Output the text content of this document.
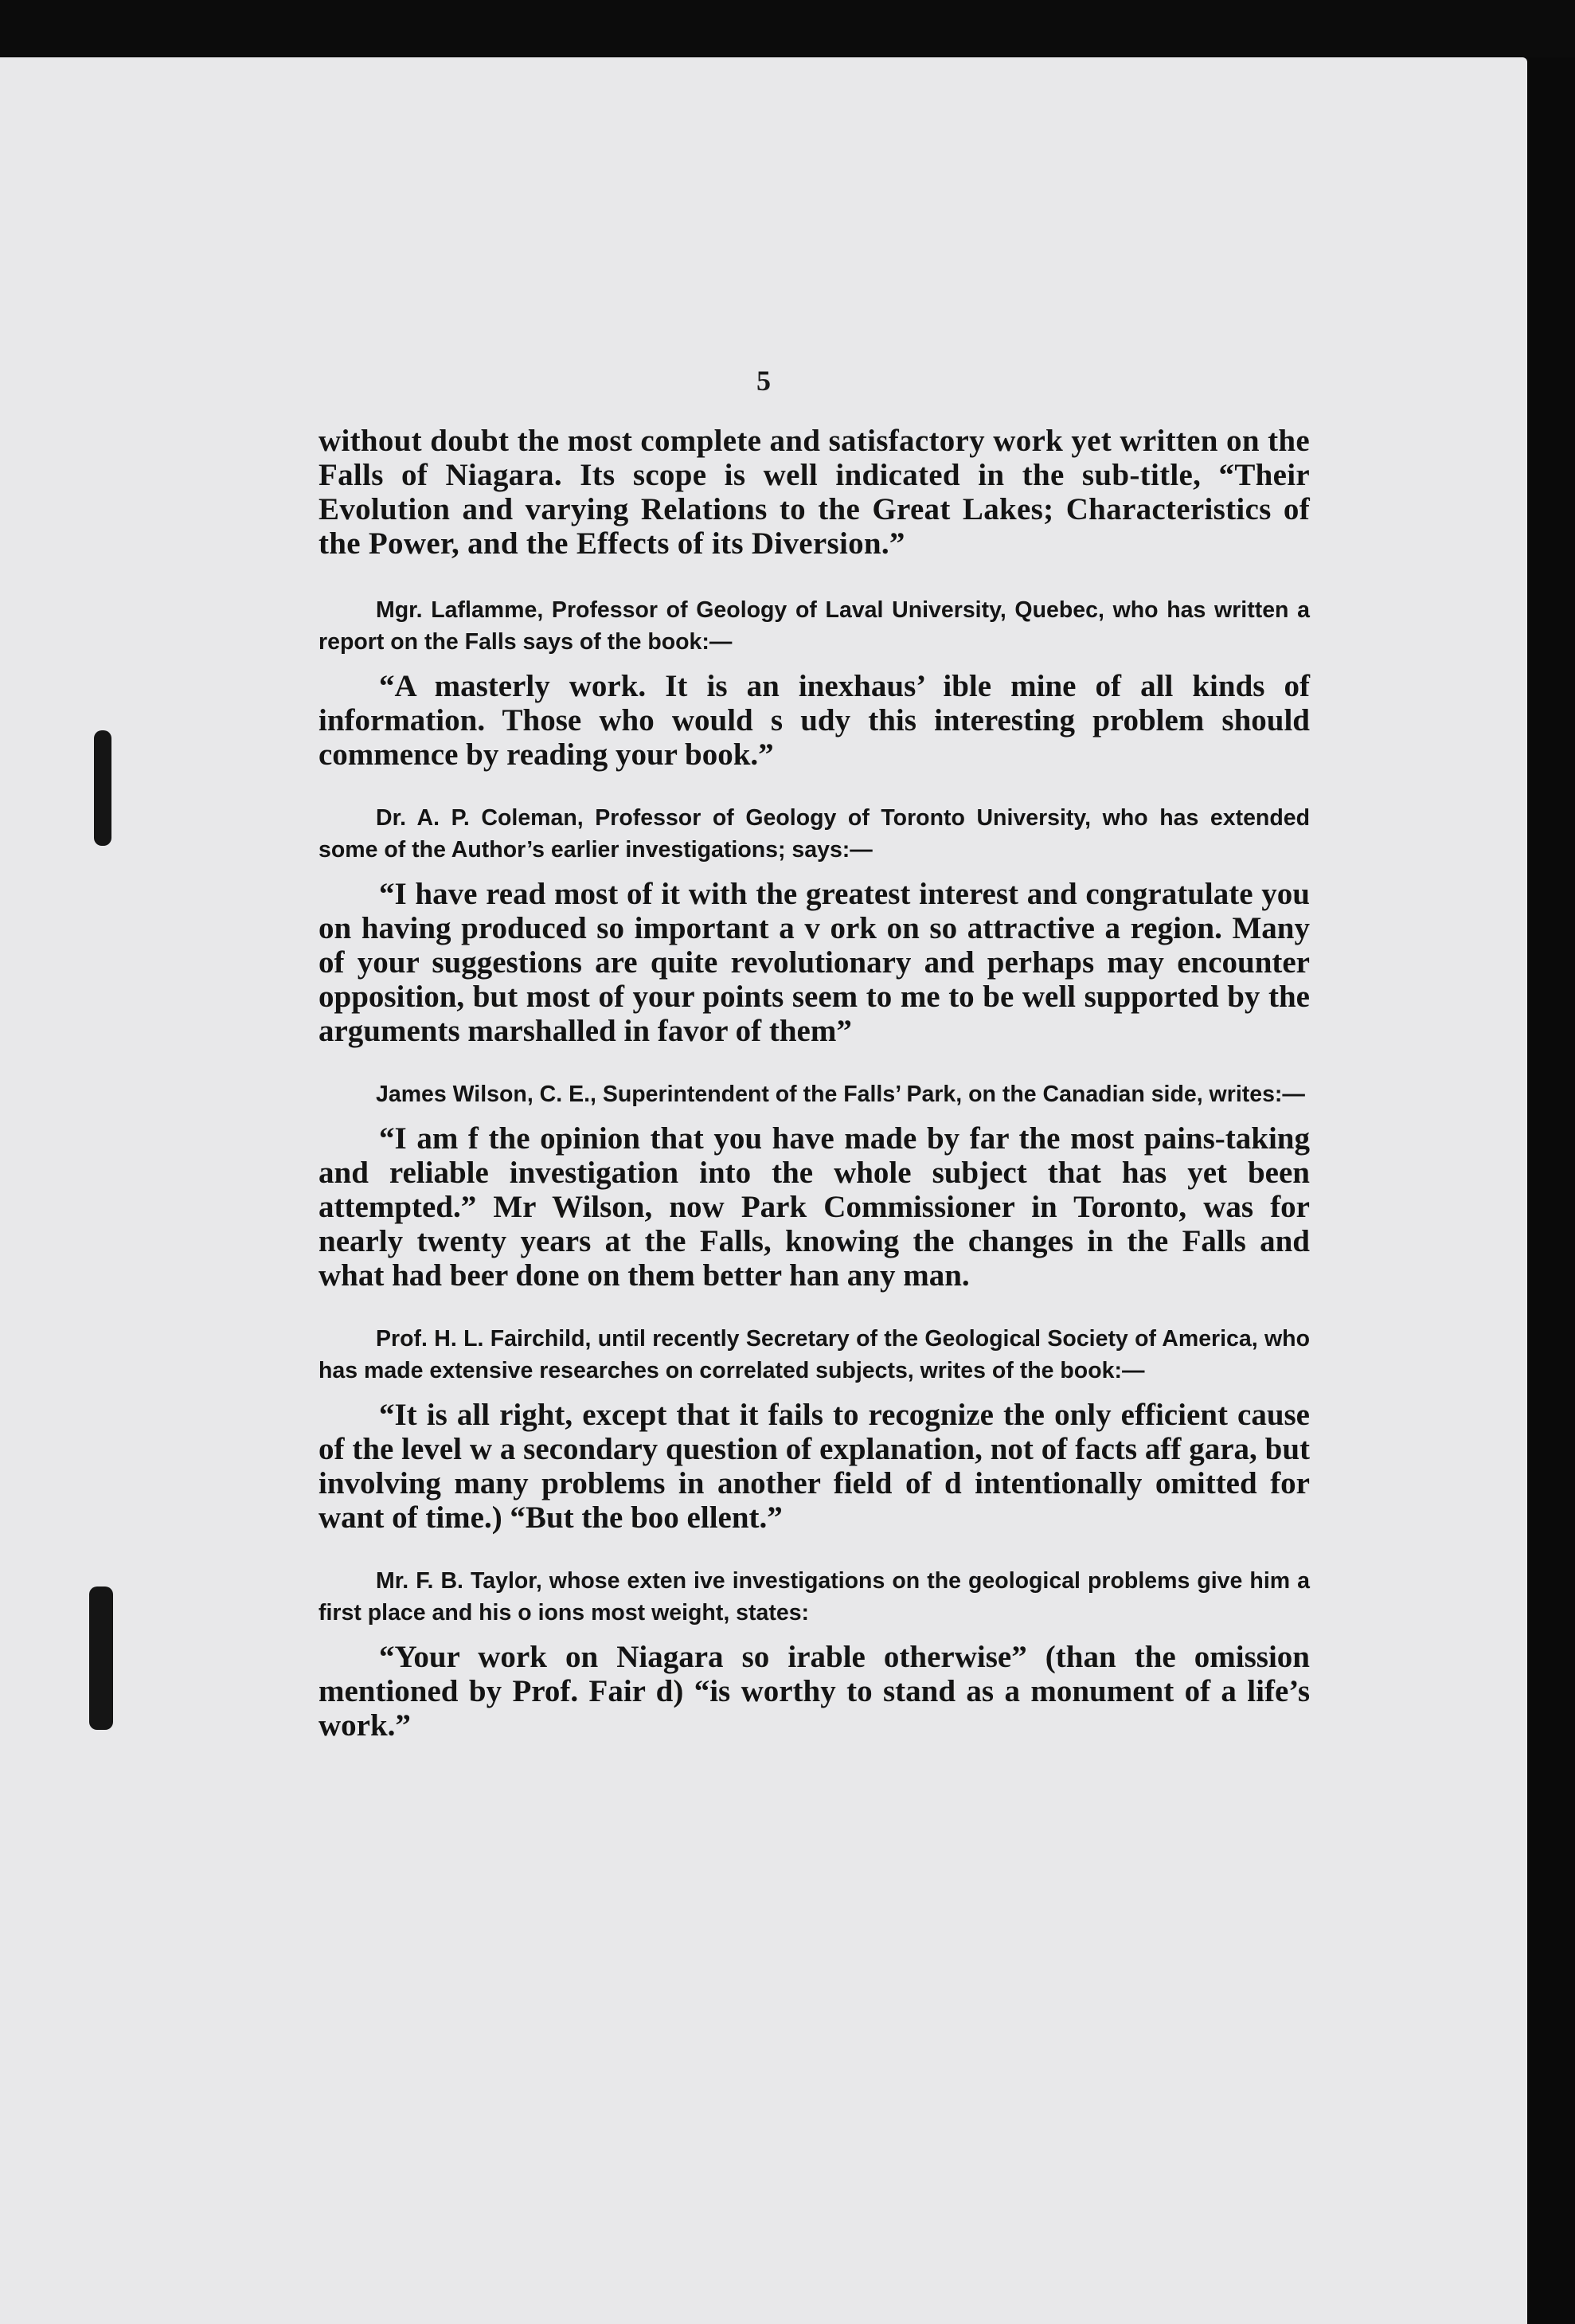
5

without doubt the most complete and satisfactory work yet written on the Falls of Niagara. Its scope is well indicated in the sub-title, “Their Evolution and varying Relations to the Great Lakes; Characteristics of the Power, and the Effects of its Diversion.”

Mgr. Laflamme, Professor of Geology of Laval University, Quebec, who has written a report on the Falls says of the book:—

“A masterly work. It is an inexhaus’ ible mine of all kinds of information. Those who would s udy this interesting problem should commence by reading your book.”

Dr. A. P. Coleman, Professor of Geology of Toronto University, who has extended some of the Author’s earlier investigations; says:—

“I have read most of it with the greatest interest and congratulate you on having produced so important a v ork on so attractive a region. Many of your suggestions are quite revolutionary and perhaps may encounter opposition, but most of your points seem to me to be well supported by the arguments marshalled in favor of them”

James Wilson, C. E., Superintendent of the Falls’ Park, on the Canadian side, writes:—

“I am f the opinion that you have made by far the most pains-taking and reliable investigation into the whole subject that has yet been attempted.” Mr Wilson, now Park Commissioner in Toronto, was for nearly twenty years at the Falls, knowing the changes in the Falls and what had beer done on them better han any man.

Prof. H. L. Fairchild, until recently Secretary of the Geological Society of America, who has made extensive researches on correlated subjects, writes of the book:—

“It is all right, except that it fails to recognize the only efficient cause of the level w a secondary question of explanation, not of facts aff gara, but involving many problems in another field of d intentionally omitted for want of time.) “But the boo ellent.”

Mr. F. B. Taylor, whose exten ive investigations on the geological problems give him a first place and his o ions most weight, states:

“Your work on Niagara so irable otherwise” (than the omission mentioned by Prof. Fair d) “is worthy to stand as a monument of a life’s work.”
